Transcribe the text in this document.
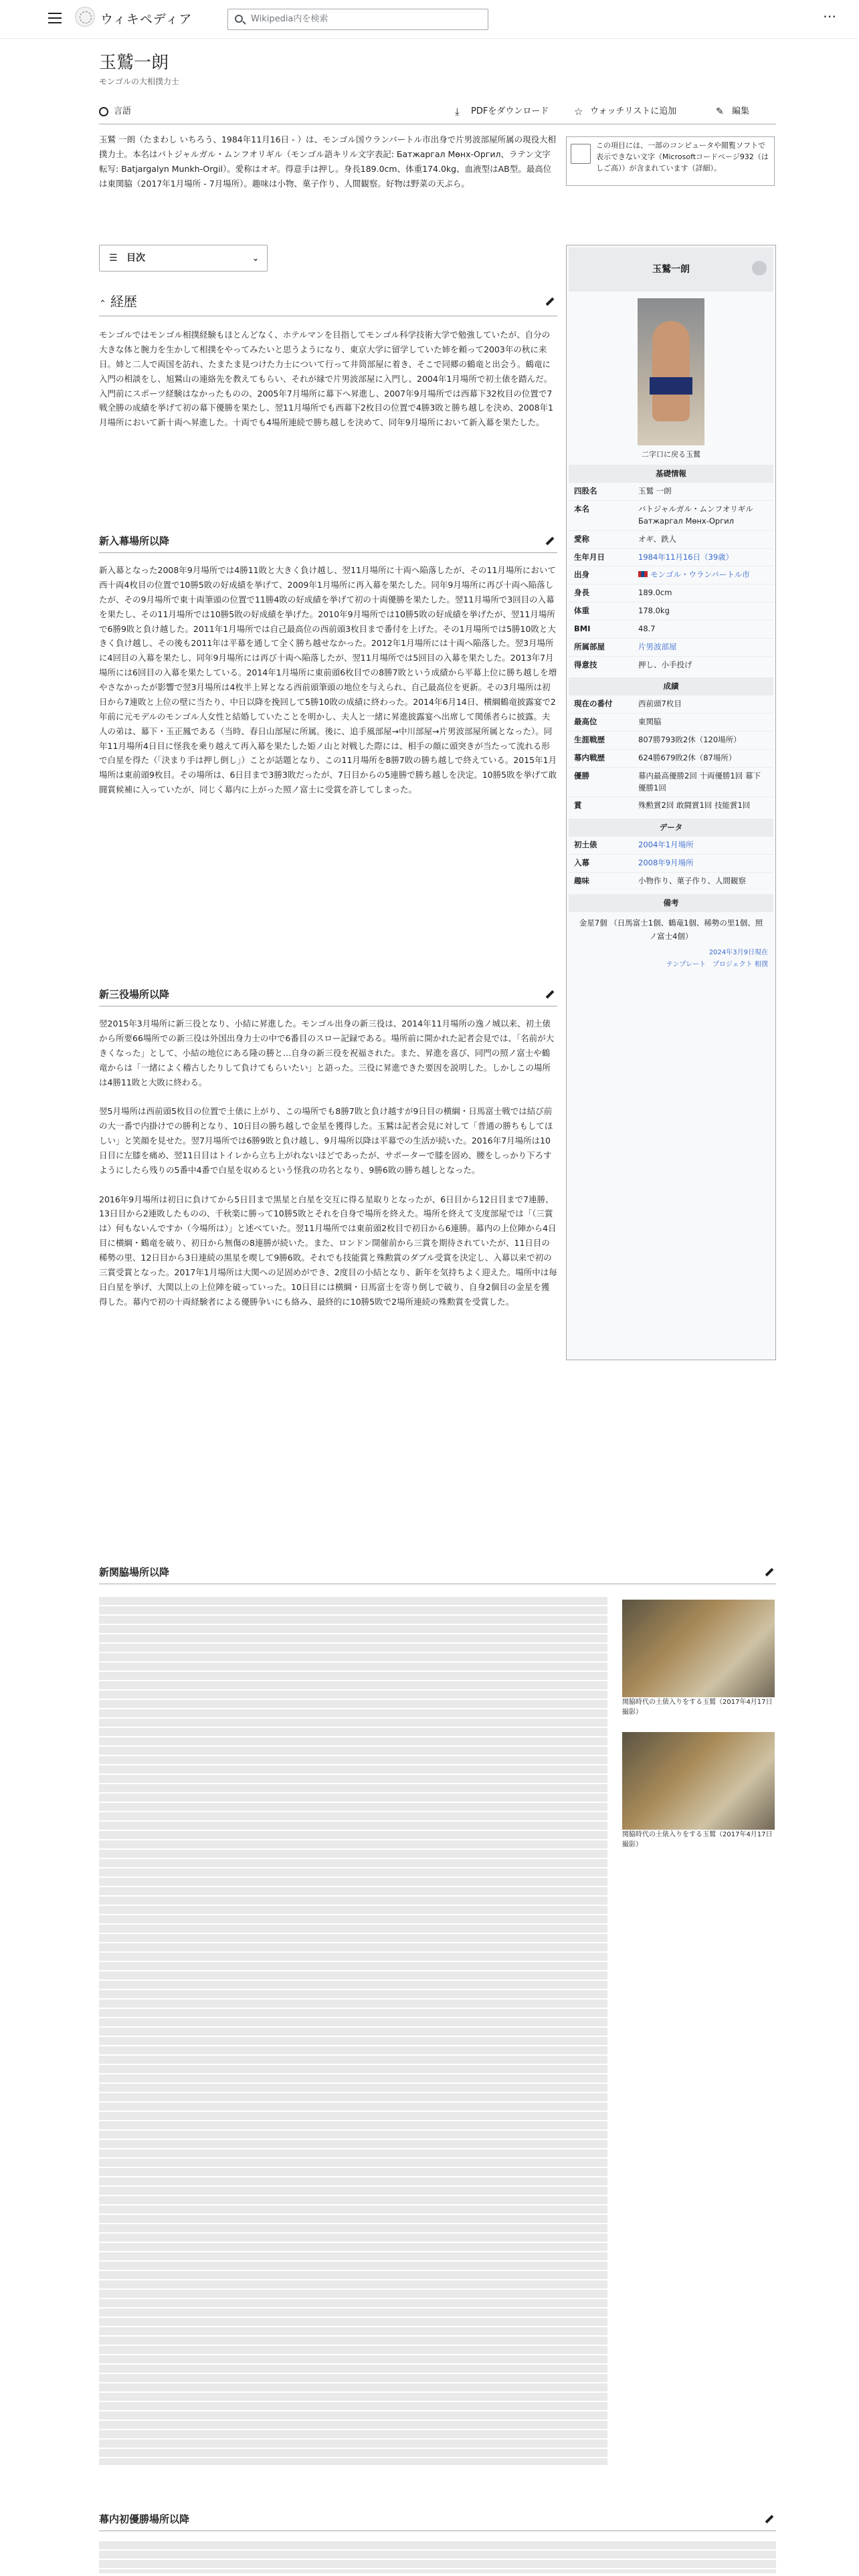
ウィキペディア	Wikipedia内を検索	⋯
玉鷲一朗
モンゴルの大相撲力士
言語	⤓	PDFをダウンロード	☆ ウォッチリストに追加	✎ 編集
玉鷲 一朗（たまわし いちろう、1984年11月16日 - ）は、モンゴル国ウランバートル市出身で片男波部屋所属の現役大相撲力士。本名はバトジャルガル・ムンフオリギル（モンゴル語キリル文字表記: Батжаргал Мөнх-Оргил、ラテン文字転写: Batjargalyn Munkh-Orgil）。愛称はオギ。得意手は押し。身長189.0cm、体重174.0kg、血液型はAB型。最高位は東関脇（2017年1月場所 - 7月場所）。趣味は小物、菓子作り、人間観察。好物は野菜の天ぷら。
この項目には、一部のコンピュータや閲覧ソフトで表示できない文字（Microsoftコードページ932（はしご高））が含まれています（詳細）。
☰ 目次	⌄
玉鷲一朗
二字口に戻る玉鷲
基礎情報
四股名	玉鷲 一朗
本名	バトジャルガル・ムンフオリギル Батжаргал Мөнх-Оргил
愛称	オギ、鉄人
生年月日	1984年11月16日（39歳）
出身	モンゴル・ウランバートル市
身長	189.0cm
体重	178.0kg
BMI	48.7
所属部屋	片男波部屋
得意技	押し、小手投げ
成績
現在の番付	西前頭7枚目
最高位	東関脇
生涯戦歴	807勝793敗2休（120場所）
幕内戦歴	624勝679敗2休（87場所）
優勝	幕内最高優勝2回 十両優勝1回 幕下優勝1回
賞	殊勲賞2回 敢闘賞1回 技能賞1回
データ
初土俵	2004年1月場所
入幕	2008年9月場所
趣味	小物作り、菓子作り、人間観察
備考
金星7個 （日馬富士1個、鶴竜1個、稀勢の里1個、照ノ富士4個）
2024年3月9日現在
テンプレート　プロジェクト 相撲
⌃ 経歴
モンゴルではモンゴル相撲経験もほとんどなく、ホテルマンを目指してモンゴル科学技術大学で勉強していたが、自分の大きな体と腕力を生かして相撲をやってみたいと思うようになり、東京大学に留学していた姉を頼って2003年の秋に来日。姉と二人で両国を訪れ、たまたま見つけた力士について行って井筒部屋に着き、そこで同郷の鶴竜と出会う。鶴竜に入門の相談をし、旭鷲山の連絡先を教えてもらい、それが縁で片男波部屋に入門し、2004年1月場所で初土俵を踏んだ。入門前にスポーツ経験はなかったものの、2005年7月場所に幕下へ昇進し、2007年9月場所では西幕下32枚目の位置で7戦全勝の成績を挙げて初の幕下優勝を果たし、翌11月場所でも西幕下2枚目の位置で4勝3敗と勝ち越しを決め、2008年1月場所において新十両へ昇進した。十両でも4場所連続で勝ち越しを決めて、同年9月場所において新入幕を果たした。
新入幕場所以降
新入幕となった2008年9月場所では4勝11敗と大きく負け越し、翌11月場所に十両へ陥落したが、その11月場所において西十両4枚目の位置で10勝5敗の好成績を挙げて、2009年1月場所に再入幕を果たした。同年9月場所に再び十両へ陥落したが、その9月場所で東十両筆頭の位置で11勝4敗の好成績を挙げて初の十両優勝を果たした。翌11月場所で3回目の入幕を果たし、その11月場所では10勝5敗の好成績を挙げた。2010年9月場所では10勝5敗の好成績を挙げたが、翌11月場所で6勝9敗と負け越した。2011年1月場所では自己最高位の西前頭3枚目まで番付を上げた。その1月場所では5勝10敗と大きく負け越し、その後も2011年は平幕を通して全く勝ち越せなかった。2012年1月場所には十両へ陥落した。翌3月場所に4回目の入幕を果たし、同年9月場所には再び十両へ陥落したが、翌11月場所では5回目の入幕を果たした。2013年7月場所には6回目の入幕を果たしている。2014年1月場所に東前頭6枚目での8勝7敗という成績から平幕上位に勝ち越しを増やさなかったが影響で翌3月場所は4枚半上昇となる西前頭筆頭の地位を与えられ、自己最高位を更新。その3月場所は初日から7連敗と上位の壁に当たり、中日以降を挽回して5勝10敗の成績に終わった。2014年6月14日、横綱鶴竜披露宴で2年前に元モデルのモンゴル人女性と結婚していたことを明かし、夫人と一緒に昇進披露宴へ出席して関係者らに披露。夫人の弟は、幕下・玉正鳳である（当時、春日山部屋に所属。後に、追手風部屋→中川部屋→片男波部屋所属となった）。同年11月場所4日目に怪我を乗り越えて再入幕を果たした姫ノ山と対戦した際には、相手の顔に頭突きが当たって流れる形で白星を得た（「決まり手は押し倒し」）ことが話題となり、この11月場所を8勝7敗の勝ち越しで終えている。2015年1月場所は東前頭9枚目。その場所は、6日目まで3勝3敗だったが、7日目からの5連勝で勝ち越しを決定。10勝5敗を挙げて敢闘賞候補に入っていたが、同じく幕内に上がった照ノ富士に受賞を許してしまった。
新三役場所以降
翌2015年3月場所に新三役となり、小結に昇進した。モンゴル出身の新三役は、2014年11月場所の逸ノ城以来、初土俵から所要66場所での新三役は外国出身力士の中で6番目のスロー記録である。場所前に開かれた記者会見では、「名前が大きくなった」として、小結の地位にある隆の勝と…自身の新三役を祝福された。また、昇進を喜び、同門の照ノ富士や鶴竜からは「一緒によく稽古したりして負けてもらいたい」と語った。三役に昇進できた要因を説明した。しかしこの場所は4勝11敗と大敗に終わる。

翌5月場所は西前頭5枚目の位置で土俵に上がり、この場所でも8勝7敗と負け越すが9日目の横綱・日馬富士戦では結び前の大一番で内掛けでの勝利となり、10日目の勝ち越しで金星を獲得した。玉鷲は記者会見に対して「普通の勝ちもしてほしい」と笑顔を見せた。翌7月場所では6勝9敗と負け越し、9月場所以降は平幕での生活が続いた。2016年7月場所は10日目に左膝を痛め、翌11日目はトイレから立ち上がれないほどであったが、サポーターで膝を固め、腰をしっかり下ろすようにしたら残りの5番中4番で白星を収めるという怪我の功名となり、9勝6敗の勝ち越しとなった。

2016年9月場所は初日に負けてから5日目まで黒星と白星を交互に得る星取りとなったが、6日目から12日目まで7連勝、13日目から2連敗したものの、千秋楽に勝って10勝5敗とそれを自身で場所を終えた。場所を終えて支度部屋では「（三賞は）何もないんですか（今場所は）」と述べていた。翌11月場所では東前頭2枚目で初日から6連勝。幕内の上位陣から4日目に横綱・鶴竜を破り、初日から無傷の8連勝が続いた。また、ロンドン開催前から三賞を期待されていたが、11日目の稀勢の里、12日目から3日連続の黒星を喫して9勝6敗。それでも技能賞と殊勲賞のダブル受賞を決定し、入幕以来で初の三賞受賞となった。2017年1月場所は大関への足固めができ、2度目の小結となり、新年を気持ちよく迎えた。場所中は毎日白星を挙げ、大関以上の上位陣を破っていった。10日目には横綱・日馬富士を寄り倒しで破り、自身2個目の金星を獲得した。幕内で初の十両経験者による優勝争いにも絡み、最終的に10勝5敗で2場所連続の殊勲賞を受賞した。
新関脇場所以降
関脇時代の土俵入りをする玉鷲（2017年4月17日撮影）
関脇時代の土俵入りをする玉鷲（2017年4月17日撮影）
幕内初優勝場所以降
